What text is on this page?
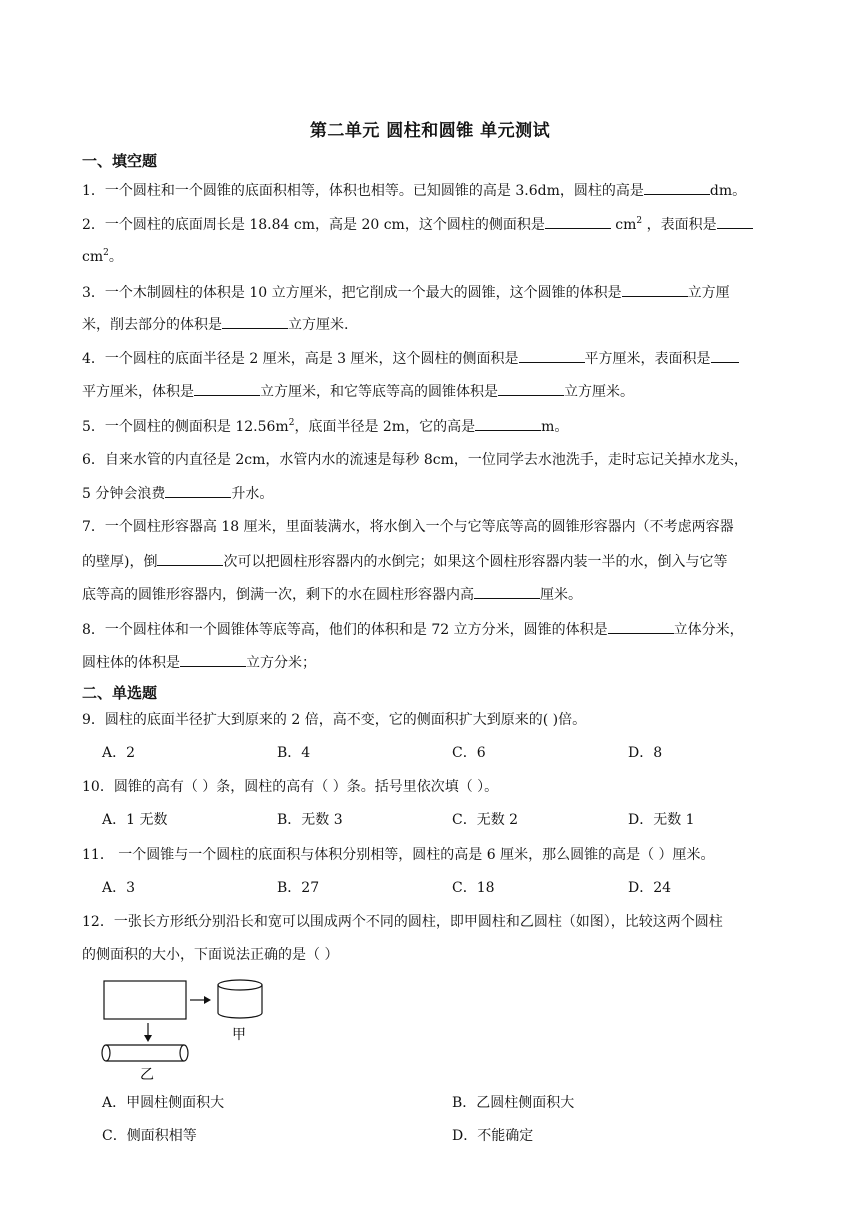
第二单元 圆柱和圆锥 单元测试
一、填空题
1．一个圆柱和一个圆锥的底面积相等，体积也相等。已知圆锥的高是 3.6dm，圆柱的高是	dm。
2．一个圆柱的底面周长是 18.84 cm，高是 20 cm，这个圆柱的侧面积是	$cm^2$ ，表面积是
$cm^2$。
3．一个木制圆柱的体积是 10 立方厘米，把它削成一个最大的圆锥，这个圆锥的体积是	立方厘
米，削去部分的体积是	立方厘米.
4．一个圆柱的底面半径是 2 厘米，高是 3 厘米，这个圆柱的侧面积是	平方厘米，表面积是
平方厘米，体积是	立方厘米，和它等底等高的圆锥体积是	立方厘米。
5．一个圆柱的侧面积是 $12.56m^2$，底面半径是 2m，它的高是	m。
6．自来水管的内直径是 2cm，水管内水的流速是每秒 8cm，一位同学去水池洗手，走时忘记关掉水龙头，
5 分钟会浪费	升水。
7．一个圆柱形容器高 18 厘米，里面装满水，将水倒入一个与它等底等高的圆锥形容器内（不考虑两容器
的壁厚)，倒	次可以把圆柱形容器内的水倒完；如果这个圆柱形容器内装一半的水，倒入与它等
底等高的圆锥形容器内，倒满一次，剩下的水在圆柱形容器内高	厘米。
8．一个圆柱体和一个圆锥体等底等高，他们的体积和是 72 立方分米，圆锥的体积是	立体分米，
圆柱体的体积是	立方分米；
二、单选题
9．圆柱的底面半径扩大到原来的 2 倍，高不变，它的侧面积扩大到原来的( )倍。
A．2	B．4	C．6	D．8
10．圆锥的高有（ ）条，圆柱的高有（ ）条。括号里依次填（ ）。
A．1 无数	B．无数 3	C．无数 2	D．无数 1
11． 一个圆锥与一个圆柱的底面积与体积分别相等，圆柱的高是 6 厘米，那么圆锥的高是（ ）厘米。
A．3	B．27	C．18	D．24
12．一张长方形纸分别沿长和宽可以围成两个不同的圆柱，即甲圆柱和乙圆柱（如图），比较这两个圆柱
的侧面积的大小，下面说法正确的是（ ）
甲
乙
A．甲圆柱侧面积大	B．乙圆柱侧面积大
C．侧面积相等	D．不能确定
